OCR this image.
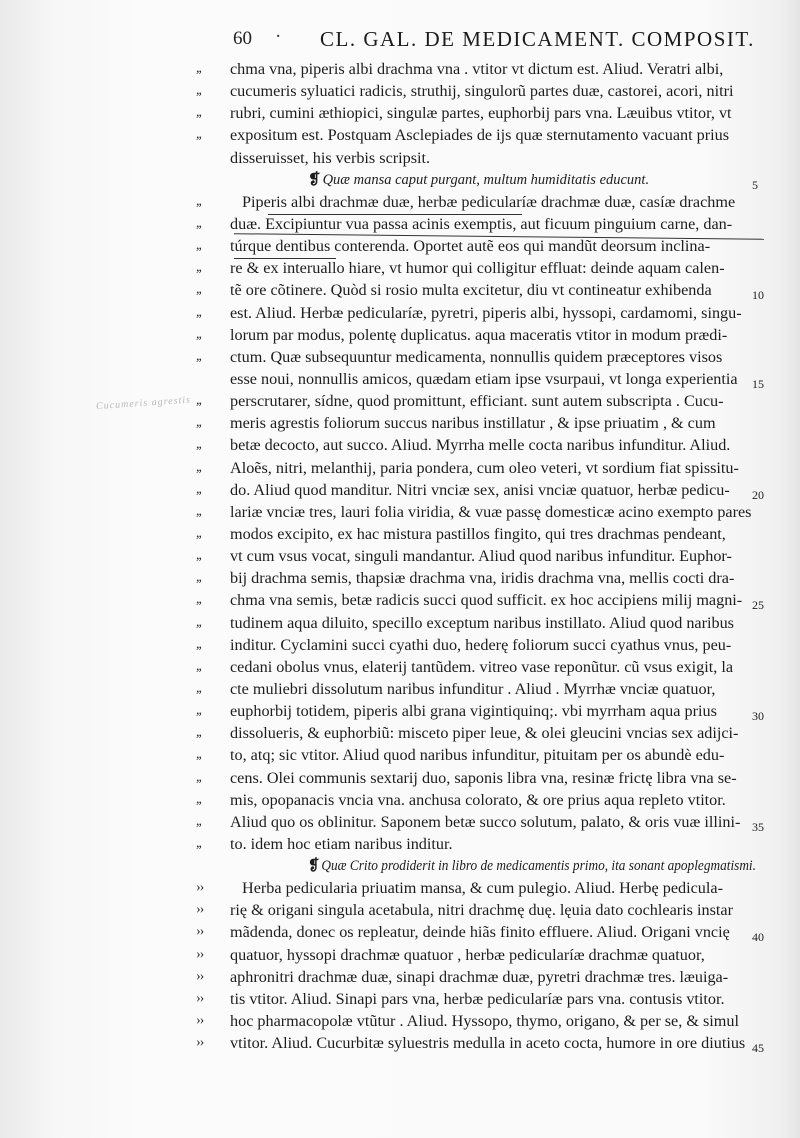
60 · CL. GAL. DE MEDICAMENT. COMPOSIT.
Cucumeris agrestis
,,	chma vna, piperis albi drachma vna . vtitor vt dictum est. Aliud. Veratri albi,
,,	cucumeris syluatici radicis, struthij, singulorũ partes duæ, castorei, acori, nitri
,,	rubri, cumini æthiopici, singulæ partes, euphorbij pars vna. Læuibus vtitor, vt
,,	expositum est. Postquam Asclepiades de ijs quæ sternutamento vacuant prius
disseruisset, his verbis scripsit.
❡ Quæ mansa caput purgant, multum humiditatis educunt.	5
,,	Piperis albi drachmæ duæ, herbæ pedicularíæ drachmæ duæ, casíæ drachme
,,	duæ. Excipiuntur vua passa acinis exemptis, aut ficuum pinguium carne, dan-
,,	túrque dentibus conterenda. Oportet autẽ eos qui mandũt deorsum inclina-
,,	re & ex interuallo hiare, vt humor qui colligitur effluat: deinde aquam calen-
,,	tẽ ore cõtinere. Quòd si rosio multa excitetur, diu vt contineatur exhibenda	10
,,	est. Aliud. Herbæ pedicularíæ, pyretri, piperis albi, hyssopi, cardamomi, singu-
,,	lorum par modus, polentę duplicatus. aqua maceratis vtitor in modum prædi-
,,	ctum. Quæ subsequuntur medicamenta, nonnullis quidem præceptores visos
esse noui, nonnullis amicos, quædam etiam ipse vsurpaui, vt longa experientia 15
,,	perscrutarer, sídne, quod promittunt, efficiant. sunt autem subscripta . Cucu-
,,	meris agrestis foliorum succus naribus instillatur , & ipse priuatim , & cum
,,	betæ decocto, aut succo. Aliud. Myrrha melle cocta naribus infunditur. Aliud.
,,	Aloẽs, nitri, melanthij, paria pondera, cum oleo veteri, vt sordium fiat spissitu-
,,	do. Aliud quod manditur. Nitri vnciæ sex, anisi vnciæ quatuor, herbæ pedicu- 20
,,	lariæ vnciæ tres, lauri folia viridia, & vuæ passę domesticæ acino exempto pares
,,	modos excipito, ex hac mistura pastillos fingito, qui tres drachmas pendeant,
,,	vt cum vsus vocat, singuli mandantur. Aliud quod naribus infunditur. Euphor-
,,	bij drachma semis, thapsiæ drachma vna, iridis drachma vna, mellis cocti dra-
,,	chma vna semis, betæ radicis succi quod sufficit. ex hoc accipiens milij magni- 25
,,	tudinem aqua diluito, specillo exceptum naribus instillato. Aliud quod naribus
,,	inditur. Cyclamini succi cyathi duo, hederę foliorum succi cyathus vnus, peu-
,,	cedani obolus vnus, elaterij tantũdem. vitreo vase reponũtur. cũ vsus exigit, la
,,	cte muliebri dissolutum naribus infunditur . Aliud . Myrrhæ vnciæ quatuor,
,,	euphorbij totidem, piperis albi grana vigintiquinq;. vbi myrrham aqua prius	30
,,	dissolueris, & euphorbiũ: misceto piper leue, & olei gleucini vncias sex adijci-
,,	to, atq; sic vtitor. Aliud quod naribus infunditur, pituitam per os abundè edu-
,,	cens. Olei communis sextarij duo, saponis libra vna, resinæ frictę libra vna se-
,,	mis, opopanacis vncia vna. anchusa colorato, & ore prius aqua repleto vtitor.
,,	Aliud quo os oblinitur. Saponem betæ succo solutum, palato, & oris vuæ illini- 35
,,	to. idem hoc etiam naribus inditur.
❡ Quæ Crito prodiderit in libro de medicamentis primo, ita sonant apoplegmatismi.
››	Herba pedicularia priuatim mansa, & cum pulegio. Aliud. Herbę pedicula-
››	rię & origani singula acetabula, nitri drachmę duę. lęuia dato cochlearis instar
››	mãdenda, donec os repleatur, deinde hiãs finito effluere. Aliud. Origani vncię 40
››	quatuor, hyssopi drachmæ quatuor , herbæ pedicularíæ drachmæ quatuor,
››	aphronitri drachmæ duæ, sinapi drachmæ duæ, pyretri drachmæ tres. læuiga-
››	tis vtitor. Aliud. Sinapi pars vna, herbæ pedicularíæ pars vna. contusis vtitor.
››	hoc pharmacopolæ vtũtur . Aliud. Hyssopo, thymo, origano, & per se, & simul
››	vtitor. Aliud. Cucurbitæ syluestris medulla in aceto cocta, humore in ore diutius 45
